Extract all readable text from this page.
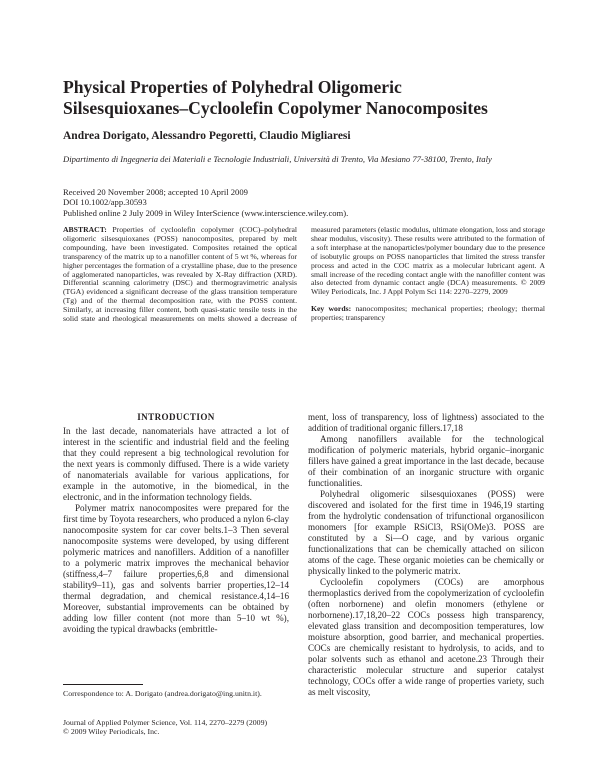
Physical Properties of Polyhedral Oligomeric
Silsesquioxanes–Cycloolefin Copolymer Nanocomposites
Andrea Dorigato, Alessandro Pegoretti, Claudio Migliaresi
Dipartimento di Ingegneria dei Materiali e Tecnologie Industriali, Università di Trento, Via Mesiano 77-38100, Trento, Italy
Received 20 November 2008; accepted 10 April 2009
DOI 10.1002/app.30593
Published online 2 July 2009 in Wiley InterScience (www.interscience.wiley.com).
ABSTRACT: Properties of cycloolefin copolymer (COC)–polyhedral oligomeric silsesquioxanes (POSS) nanocomposites, prepared by melt compounding, have been investigated. Composites retained the optical transparency of the matrix up to a nanofiller content of 5 wt %, whereas for higher percentages the formation of a crystalline phase, due to the presence of agglomerated nanoparticles, was revealed by X-Ray diffraction (XRD). Differential scanning calorimetry (DSC) and thermogravimetric analysis (TGA) evidenced a significant decrease of the glass transition temperature (Tg) and of the thermal decomposition rate, with the POSS content. Similarly, at increasing filler content, both quasi-static tensile tests in the solid state and rheological measurements on melts showed a decrease of measured parameters (elastic modulus, ultimate elongation, loss and storage shear modulus, viscosity). These results were attributed to the formation of a soft interphase at the nanoparticles/polymer boundary due to the presence of isobutylic groups on POSS nanoparticles that limited the stress transfer process and acted in the COC matrix as a molecular lubricant agent. A small increase of the receding contact angle with the nanofiller content was also detected from dynamic contact angle (DCA) measurements. © 2009 Wiley Periodicals, Inc. J Appl Polym Sci 114: 2270–2279, 2009
Key words: nanocomposites; mechanical properties; rheology; thermal properties; transparency
INTRODUCTION

In the last decade, nanomaterials have attracted a lot of interest in the scientific and industrial field and the feeling that they could represent a big technological revolution for the next years is commonly diffused. There is a wide variety of nanomaterials available for various applications, for example in the automotive, in the biomedical, in the electronic, and in the information technology fields.

Polymer matrix nanocomposites were prepared for the first time by Toyota researchers, who produced a nylon 6-clay nanocomposite system for car cover belts.1–3 Then several nanocomposite systems were developed, by using different polymeric matrices and nanofillers. Addition of a nanofiller to a polymeric matrix improves the mechanical behavior (stiffness,4–7 failure properties,6,8 and dimensional stability9–11), gas and solvents barrier properties,12–14 thermal degradation, and chemical resistance.4,14–16 Moreover, substantial improvements can be obtained by adding low filler content (not more than 5–10 wt %), avoiding the typical drawbacks (embrittle-

ment, loss of transparency, loss of lightness) associated to the addition of traditional organic fillers.17,18

Among nanofillers available for the technological modification of polymeric materials, hybrid organic–inorganic fillers have gained a great importance in the last decade, because of their combination of an inorganic structure with organic functionalities.

Polyhedral oligomeric silsesquioxanes (POSS) were discovered and isolated for the first time in 1946,19 starting from the hydrolytic condensation of trifunctional organosilicon monomers [for example RSiCl3, RSi(OMe)3. POSS are constituted by a Si—O cage, and by various organic functionalizations that can be chemically attached on silicon atoms of the cage. These organic moieties can be chemically or physically linked to the polymeric matrix.

Cycloolefin copolymers (COCs) are amorphous thermoplastics derived from the copolymerization of cycloolefin (often norbornene) and olefin monomers (ethylene or norbornene).17,18,20–22 COCs possess high transparency, elevated glass transition and decomposition temperatures, low moisture absorption, good barrier, and mechanical properties. COCs are chemically resistant to hydrolysis, to acids, and to polar solvents such as ethanol and acetone.23 Through their characteristic molecular structure and superior catalyst technology, COCs offer a wide range of properties variety, such as melt viscosity,

Correspondence to: A. Dorigato (andrea.dorigato@ing.unitn.it).
Journal of Applied Polymer Science, Vol. 114, 2270–2279 (2009)
© 2009 Wiley Periodicals, Inc.
